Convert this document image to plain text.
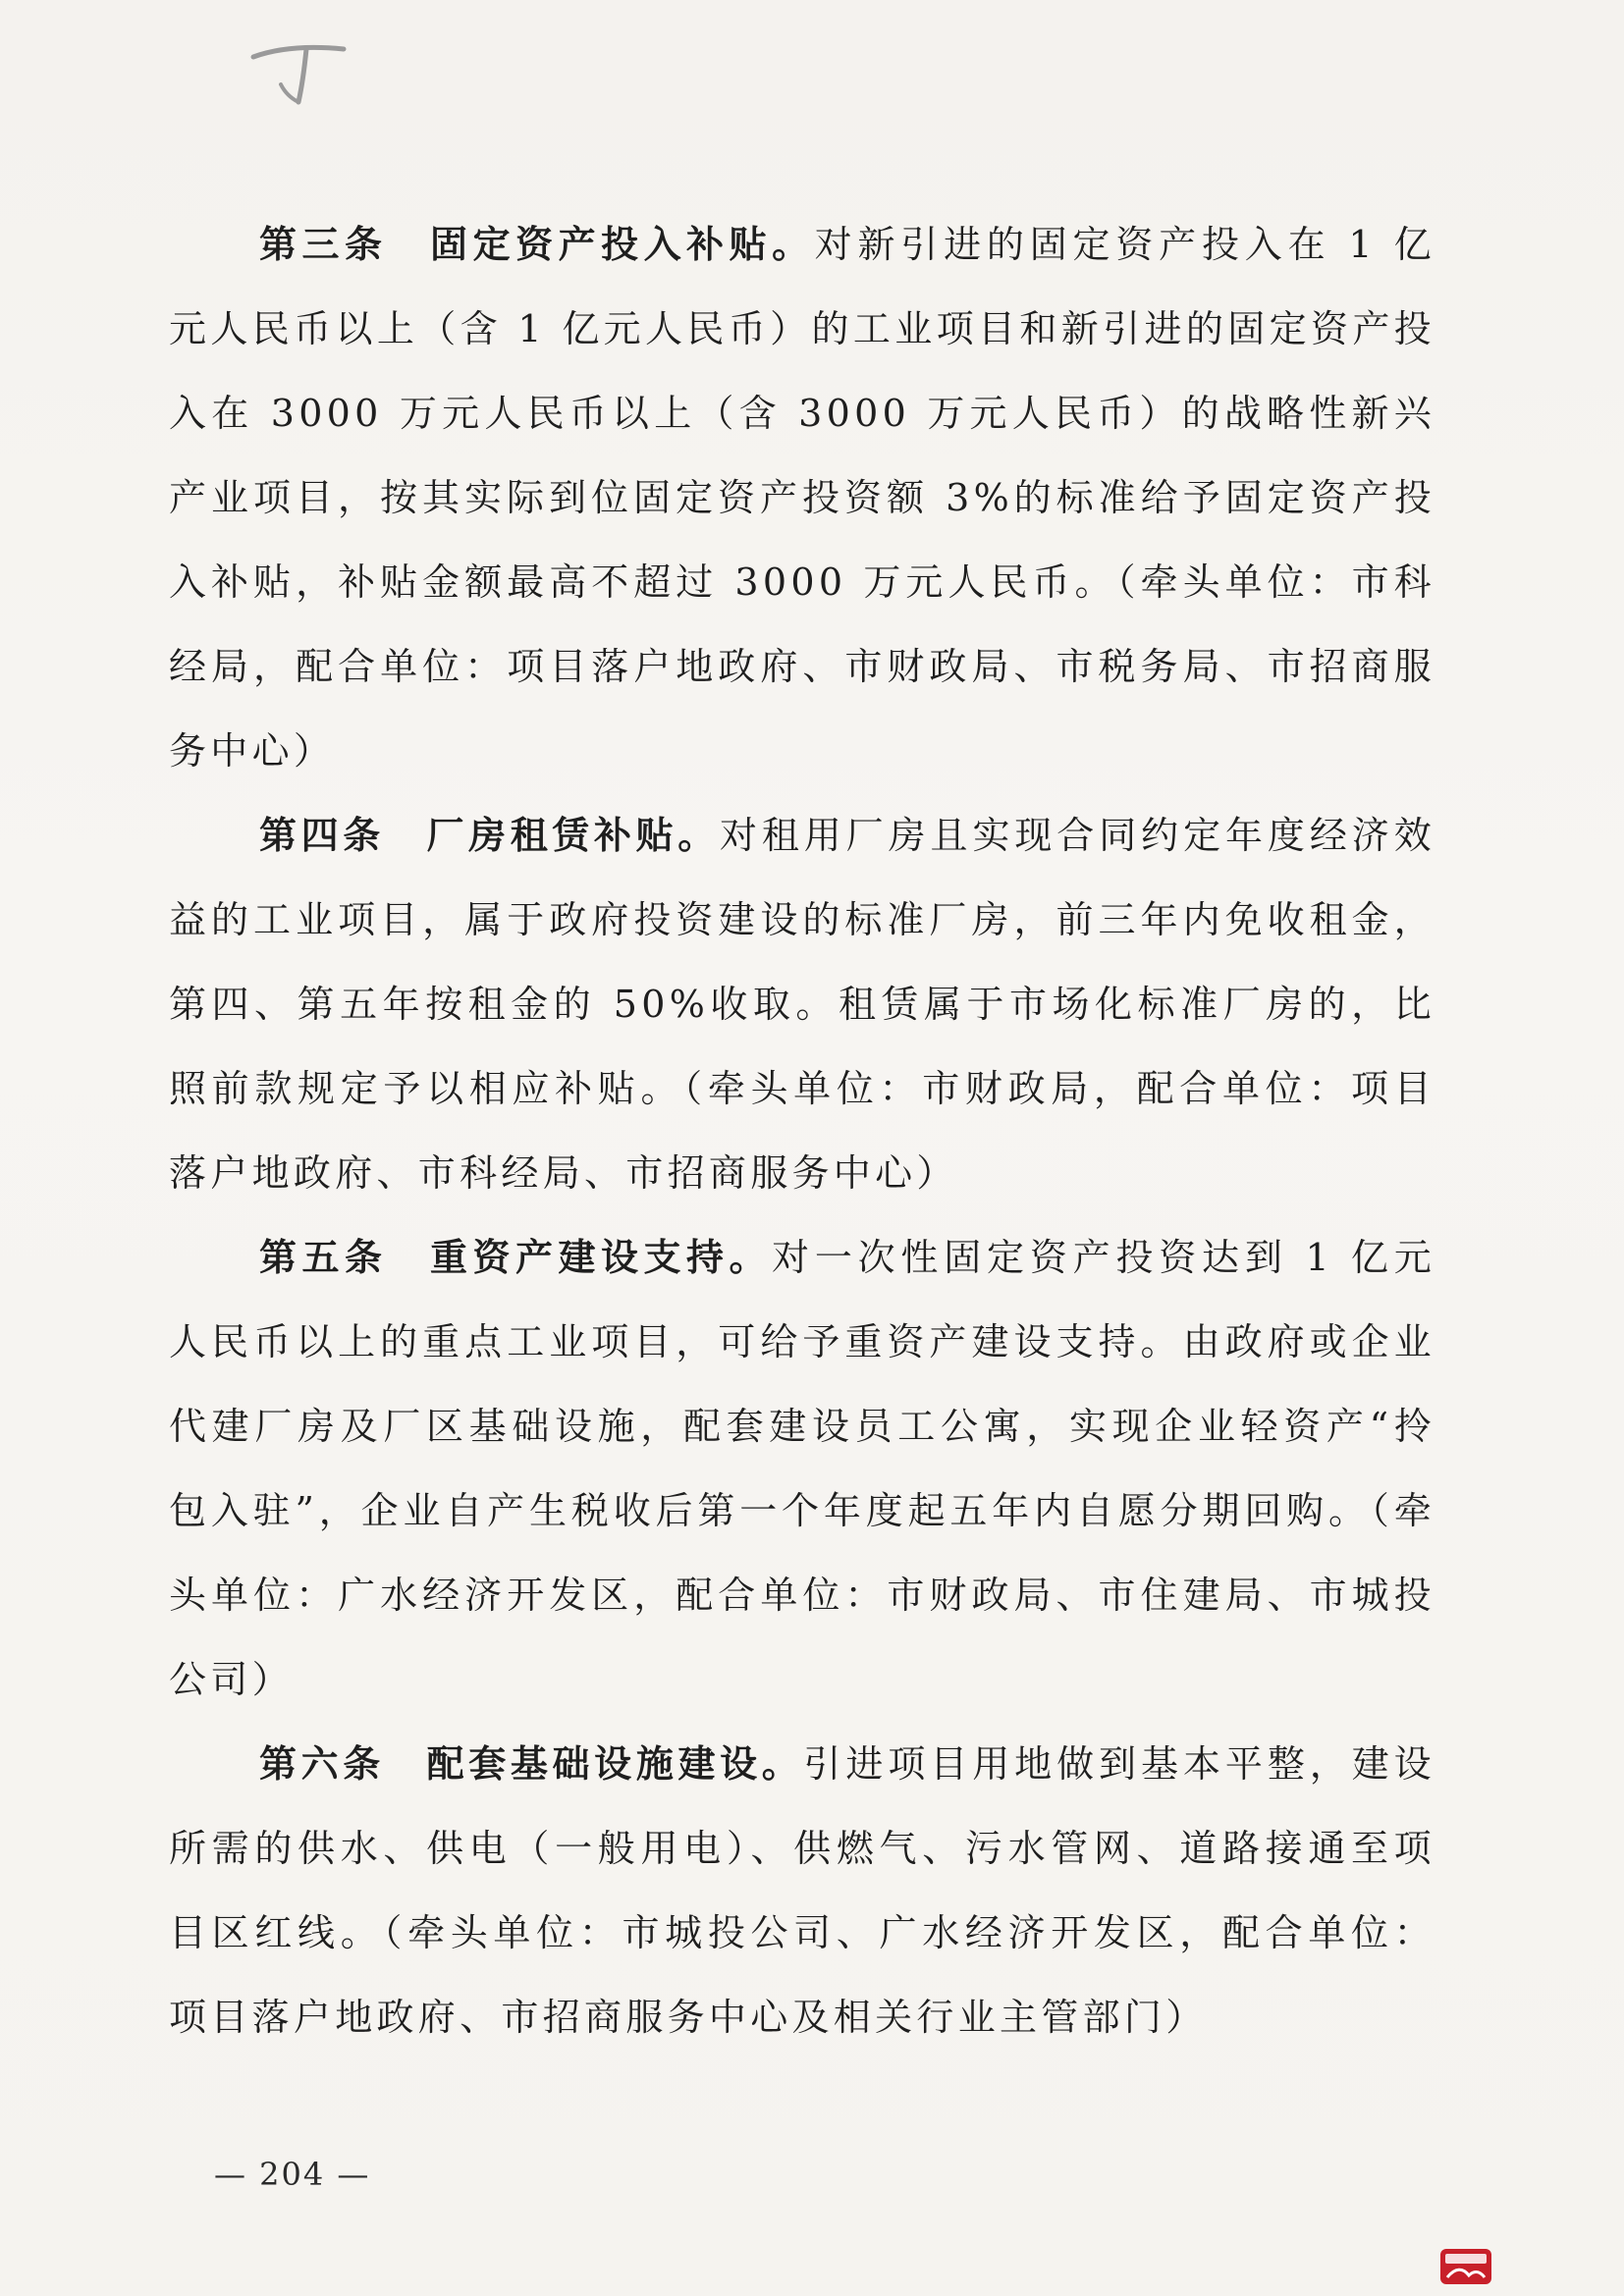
第三条　固定资产投入补贴。对新引进的固定资产投入在 1 亿元人民币以上（含 1 亿元人民币）的工业项目和新引进的固定资产投入在 3000 万元人民币以上（含 3000 万元人民币）的战略性新兴产业项目，按其实际到位固定资产投资额 3%的标准给予固定资产投入补贴，补贴金额最高不超过 3000 万元人民币。（牵头单位：市科经局，配合单位：项目落户地政府、市财政局、市税务局、市招商服务中心）

第四条　厂房租赁补贴。对租用厂房且实现合同约定年度经济效益的工业项目，属于政府投资建设的标准厂房，前三年内免收租金，第四、第五年按租金的 50%收取。租赁属于市场化标准厂房的，比照前款规定予以相应补贴。（牵头单位：市财政局，配合单位：项目落户地政府、市科经局、市招商服务中心）

第五条　重资产建设支持。对一次性固定资产投资达到 1 亿元人民币以上的重点工业项目，可给予重资产建设支持。由政府或企业代建厂房及厂区基础设施，配套建设员工公寓，实现企业轻资产“拎包入驻”，企业自产生税收后第一个年度起五年内自愿分期回购。（牵头单位：广水经济开发区，配合单位：市财政局、市住建局、市城投公司）

第六条　配套基础设施建设。引进项目用地做到基本平整，建设所需的供水、供电（一般用电）、供燃气、污水管网、道路接通至项目区红线。（牵头单位：市城投公司、广水经济开发区，配合单位：项目落户地政府、市招商服务中心及相关行业主管部门）

— 204 —
